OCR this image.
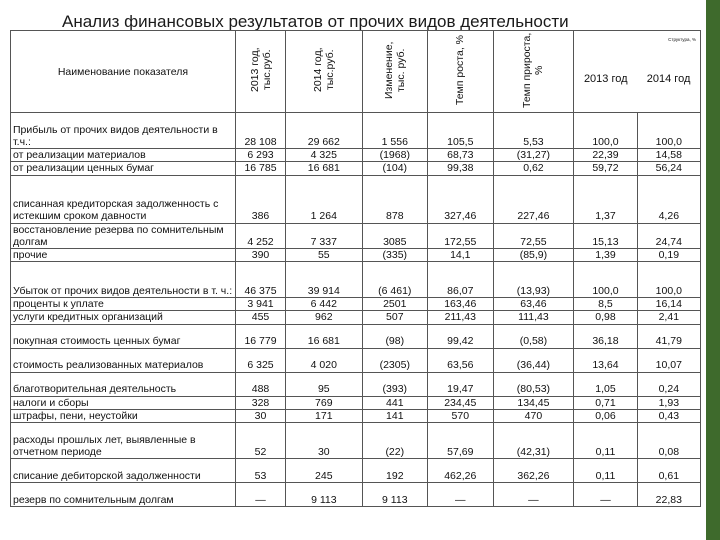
Анализ финансовых результатов от прочих видов деятельности
Наименование показателя	2013 год, тыс.руб.	2014 год, тыс.руб.	Изменение, тыс. руб.	Темп роста, %	Темп прироста, %	Структура, %
2013 год 2014 год	

Прибыль от прочих видов деятельности в т.ч.:	28 108	29 662	1 556	105,5	5,53	100,0	100,0
от реализации материалов	6 293	4 325	(1968)	68,73	(31,27)	22,39	14,58
от реализации ценных бумаг	16 785	16 681	(104)	99,38	0,62	59,72	56,24
списанная кредиторская задолженность с истекшим сроком давности	386	1 264	878	327,46	227,46	1,37	4,26
восстановление резерва по сомнительным долгам	4 252	7 337	3085	172,55	72,55	15,13	24,74
прочие	390	55	(335)	14,1	(85,9)	1,39	0,19
Убыток от прочих видов деятельности в т. ч.:	46 375	39 914	(6 461)	86,07	(13,93)	100,0	100,0
проценты к уплате	3 941	6 442	2501	163,46	63,46	8,5	16,14
услуги кредитных организаций	455	962	507	211,43	111,43	0,98	2,41
покупная стоимость ценных бумаг	16 779	16 681	(98)	99,42	(0,58)	36,18	41,79
стоимость реализованных материалов	6 325	4 020	(2305)	63,56	(36,44)	13,64	10,07
благотворительная деятельность	488	95	(393)	19,47	(80,53)	1,05	0,24
налоги и сборы	328	769	441	234,45	134,45	0,71	1,93
штрафы, пени, неустойки	30	171	141	570	470	0,06	0,43
расходы прошлых лет, выявленные в отчетном периоде	52	30	(22)	57,69	(42,31)	0,11	0,08
списание дебиторской задолженности	53	245	192	462,26	362,26	0,11	0,61
резерв по сомнительным долгам	—	9 113	9 113	—	—	—	22,83
